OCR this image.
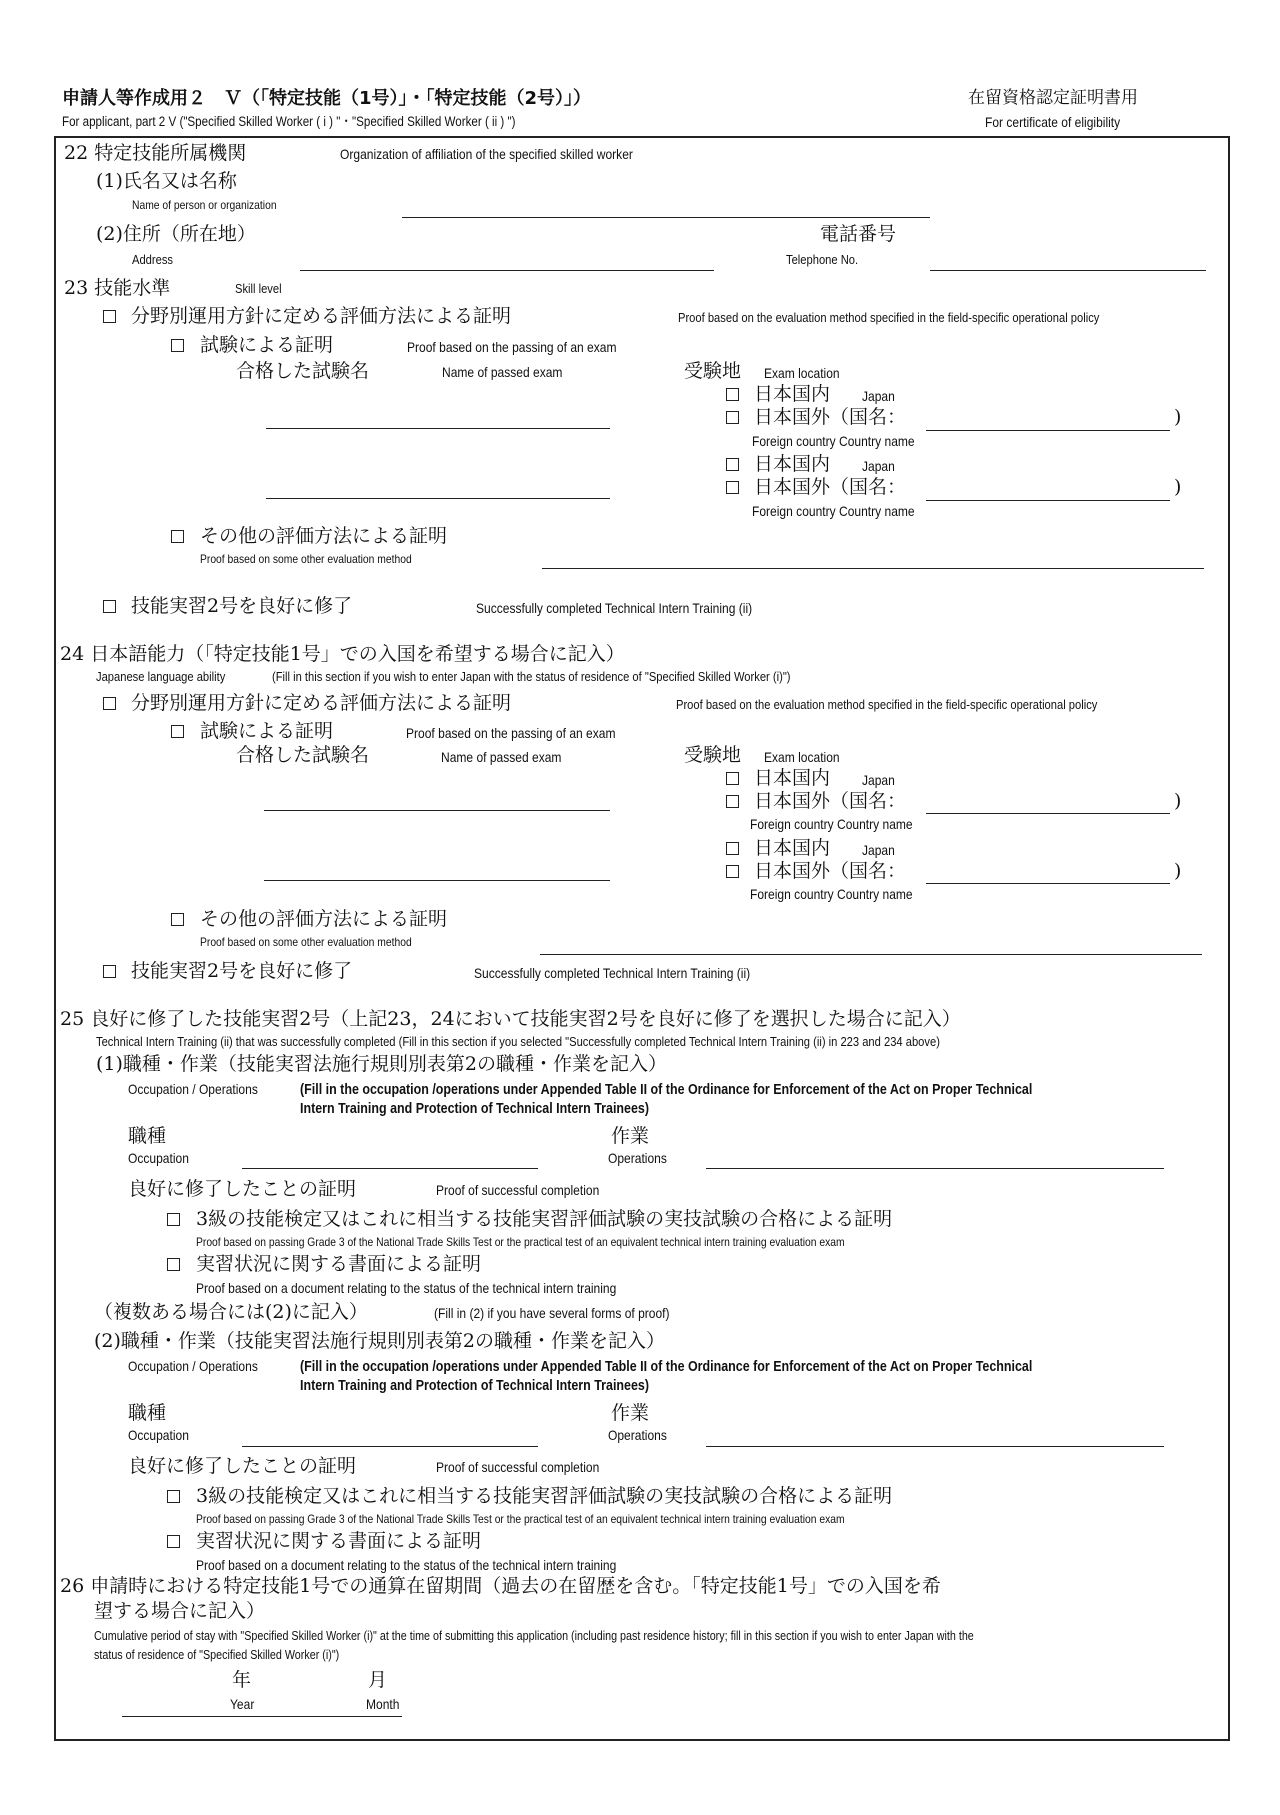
申請人等作成用２　Ｖ（「特定技能（1号）」・「特定技能（2号）」）
For applicant, part 2 V ("Specified Skilled Worker ( i ) "・"Specified Skilled Worker ( ii ) ")
在留資格認定証明書用
For certificate of eligibility
22 特定技能所属機関	Organization of affiliation of the specified skilled worker
(1)氏名又は名称
Name of person or organization
(2)住所（所在地）
Address
電話番号
Telephone No.
23 技能水準	Skill level
分野別運用方針に定める評価方法による証明	Proof based on the evaluation method specified in the field-specific operational policy
試験による証明	Proof based on the passing of an exam
合格した試験名	Name of passed exam	受験地 Exam location
日本国内 Japan
日本国外（国名：	)
Foreign country Country name
日本国内 Japan
日本国外（国名：	)
Foreign country Country name
その他の評価方法による証明
Proof based on some other evaluation method
技能実習2号を良好に修了	Successfully completed Technical Intern Training (ii)
24 日本語能力（「特定技能1号」での入国を希望する場合に記入）
Japanese language ability	(Fill in this section if you wish to enter Japan with the status of residence of "Specified Skilled Worker (i)")
分野別運用方針に定める評価方法による証明	Proof based on the evaluation method specified in the field-specific operational policy
試験による証明	Proof based on the passing of an exam
合格した試験名	Name of passed exam	受験地 Exam location
日本国内 Japan
日本国外（国名：	)
Foreign country Country name
日本国内 Japan
日本国外（国名：	)
Foreign country Country name
その他の評価方法による証明
Proof based on some other evaluation method
技能実習2号を良好に修了	Successfully completed Technical Intern Training (ii)
25 良好に修了した技能実習2号（上記23，24において技能実習2号を良好に修了を選択した場合に記入）
Technical Intern Training (ii) that was successfully completed (Fill in this section if you selected "Successfully completed Technical Intern Training (ii) in 223 and 234 above)
(1)職種・作業（技能実習法施行規則別表第2の職種・作業を記入）
Occupation / Operations	(Fill in the occupation /operations under Appended Table II of the Ordinance for Enforcement of the Act on Proper Technical
Intern Training and Protection of Technical Intern Trainees)
職種
Occupation
作業
Operations
良好に修了したことの証明	Proof of successful completion
3級の技能検定又はこれに相当する技能実習評価試験の実技試験の合格による証明
Proof based on passing Grade 3 of the National Trade Skills Test or the practical test of an equivalent technical intern training evaluation exam
実習状況に関する書面による証明
Proof based on a document relating to the status of the technical intern training
（複数ある場合には(2)に記入）	(Fill in (2) if you have several forms of proof)
(2)職種・作業（技能実習法施行規則別表第2の職種・作業を記入）
Occupation / Operations	(Fill in the occupation /operations under Appended Table II of the Ordinance for Enforcement of the Act on Proper Technical
Intern Training and Protection of Technical Intern Trainees)
職種
Occupation
作業
Operations
良好に修了したことの証明	Proof of successful completion
3級の技能検定又はこれに相当する技能実習評価試験の実技試験の合格による証明
Proof based on passing Grade 3 of the National Trade Skills Test or the practical test of an equivalent technical intern training evaluation exam
実習状況に関する書面による証明
Proof based on a document relating to the status of the technical intern training
26 申請時における特定技能1号での通算在留期間（過去の在留歴を含む。「特定技能1号」での入国を希
望する場合に記入）
Cumulative period of stay with "Specified Skilled Worker (i)" at the time of submitting this application (including past residence history; fill in this section if you wish to enter Japan with the
status of residence of "Specified Skilled Worker (i)")
年
Year
月
Month
